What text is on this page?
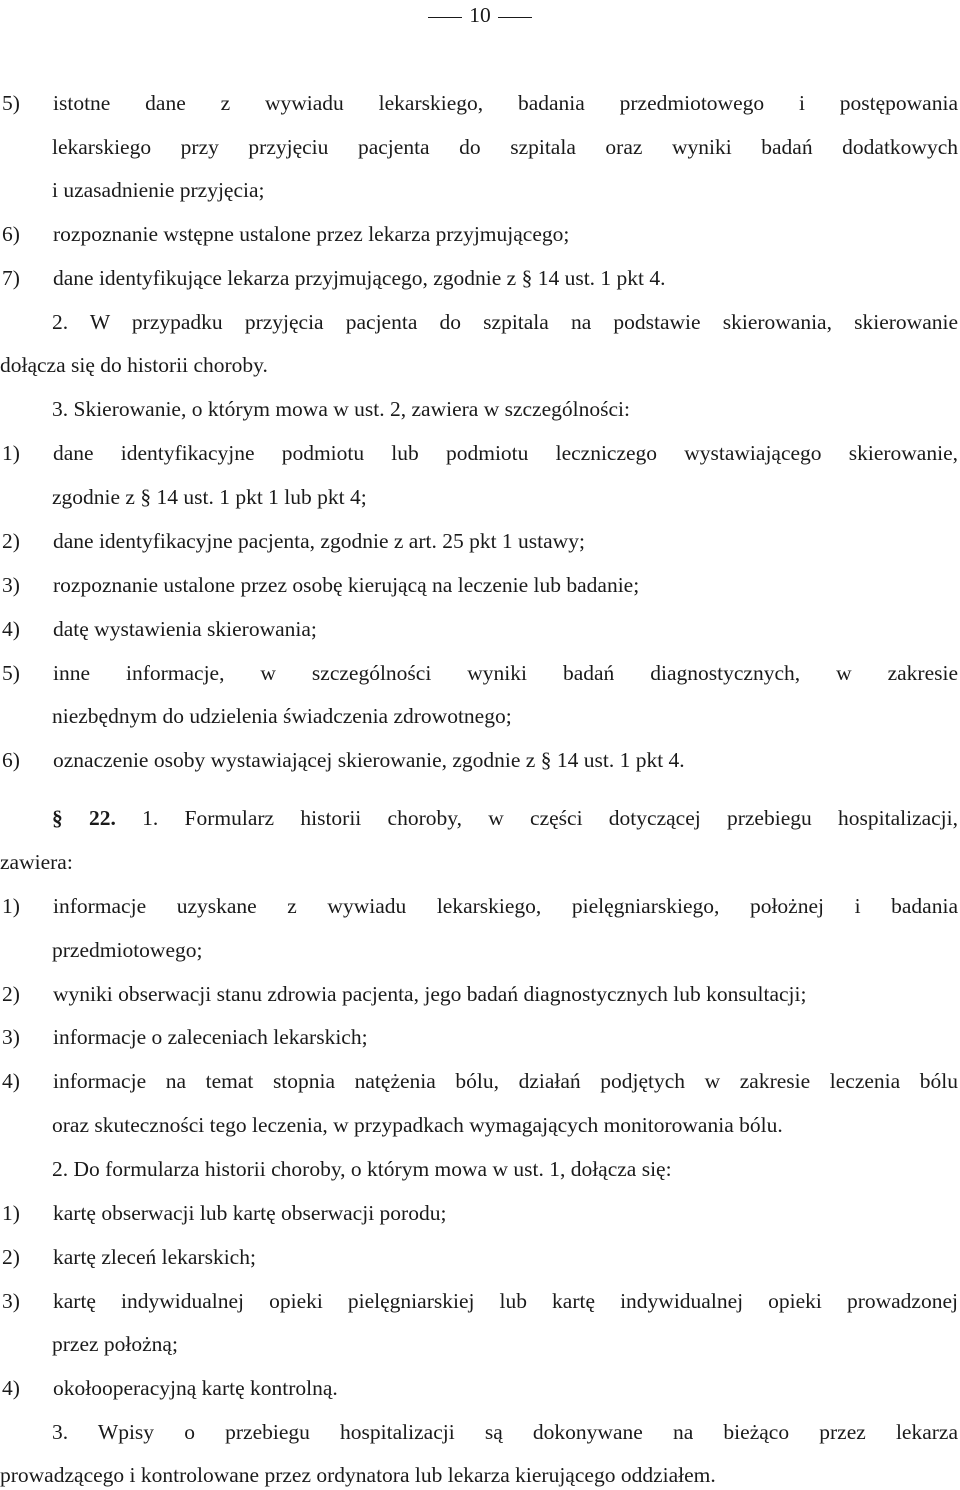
10
5) istotne dane z wywiadu lekarskiego, badania przedmiotowego i postępowania
lekarskiego przy przyjęciu pacjenta do szpitala oraz wyniki badań dodatkowych
i uzasadnienie przyjęcia;
6) rozpoznanie wstępne ustalone przez lekarza przyjmującego;
7) dane identyfikujące lekarza przyjmującego, zgodnie z § 14 ust. 1 pkt 4.
2. W przypadku przyjęcia pacjenta do szpitala na podstawie skierowania, skierowanie
dołącza się do historii choroby.
3. Skierowanie, o którym mowa w ust. 2, zawiera w szczególności:
1) dane identyfikacyjne podmiotu lub podmiotu leczniczego wystawiającego skierowanie,
zgodnie z § 14 ust. 1 pkt 1 lub pkt 4;
2) dane identyfikacyjne pacjenta, zgodnie z art. 25 pkt 1 ustawy;
3) rozpoznanie ustalone przez osobę kierującą na leczenie lub badanie;
4) datę wystawienia skierowania;
5) inne informacje, w szczególności wyniki badań diagnostycznych, w zakresie
niezbędnym do udzielenia świadczenia zdrowotnego;
6) oznaczenie osoby wystawiającej skierowanie, zgodnie z § 14 ust. 1 pkt 4.
§ 22. 1. Formularz historii choroby, w części dotyczącej przebiegu hospitalizacji,
zawiera:
1) informacje uzyskane z wywiadu lekarskiego, pielęgniarskiego, położnej i badania
przedmiotowego;
2) wyniki obserwacji stanu zdrowia pacjenta, jego badań diagnostycznych lub konsultacji;
3) informacje o zaleceniach lekarskich;
4) informacje na temat stopnia natężenia bólu, działań podjętych w zakresie leczenia bólu
oraz skuteczności tego leczenia, w przypadkach wymagających monitorowania bólu.
2. Do formularza historii choroby, o którym mowa w ust. 1, dołącza się:
1) kartę obserwacji lub kartę obserwacji porodu;
2) kartę zleceń lekarskich;
3) kartę indywidualnej opieki pielęgniarskiej lub kartę indywidualnej opieki prowadzonej
przez położną;
4) okołooperacyjną kartę kontrolną.
3. Wpisy o przebiegu hospitalizacji są dokonywane na bieżąco przez lekarza
prowadzącego i kontrolowane przez ordynatora lub lekarza kierującego oddziałem.
